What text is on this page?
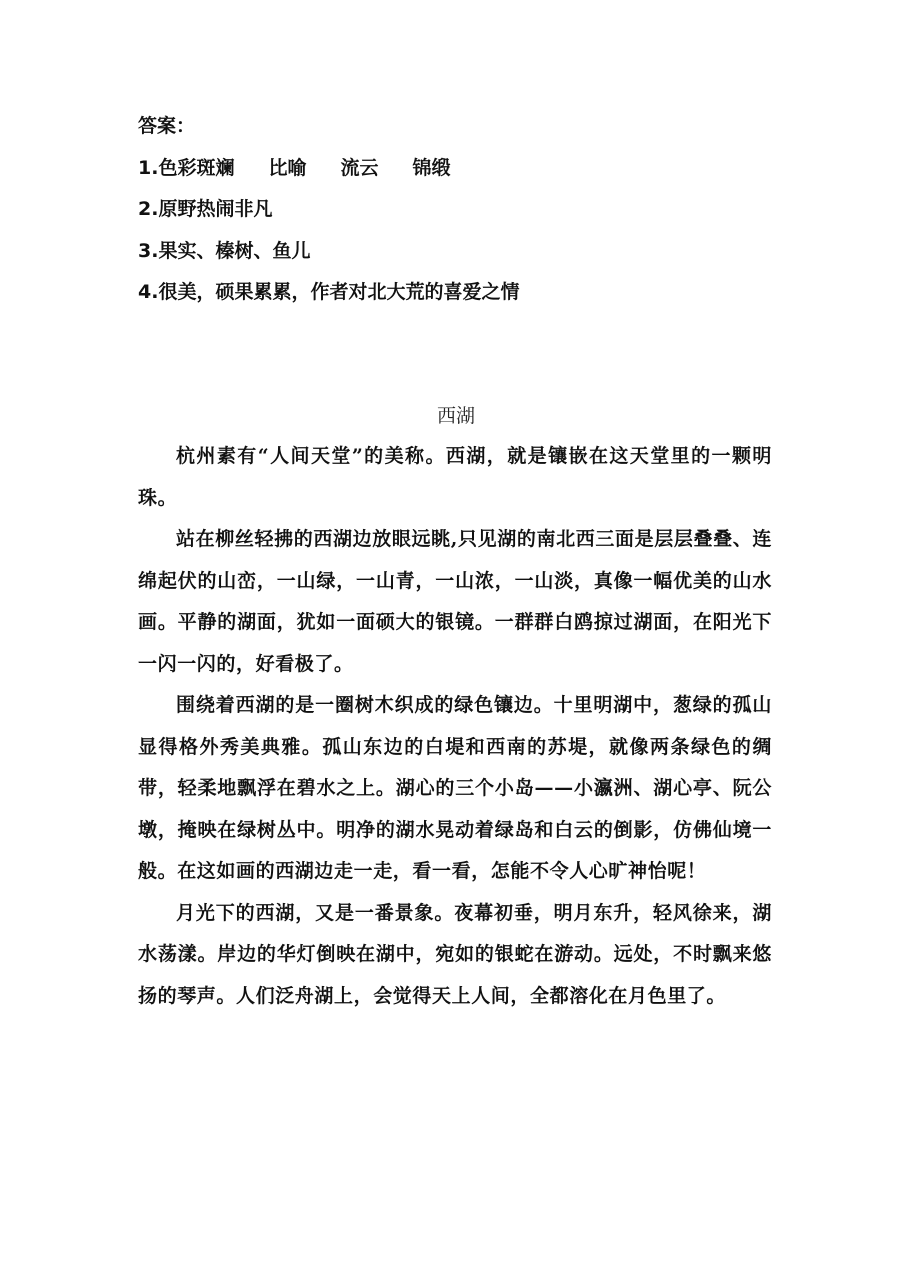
答案：
1.色彩斑斓 比喻 流云 锦缎
2.原野热闹非凡
3.果实、榛树、鱼儿
4.很美，硕果累累，作者对北大荒的喜爱之情
西湖

杭州素有“人间天堂”的美称。西湖，就是镶嵌在这天堂里的一颗明珠。

站在柳丝轻拂的西湖边放眼远眺,只见湖的南北西三面是层层叠叠、连绵起伏的山峦，一山绿，一山青，一山浓，一山淡，真像一幅优美的山水画。平静的湖面，犹如一面硕大的银镜。一群群白鸥掠过湖面，在阳光下一闪一闪的，好看极了。

围绕着西湖的是一圈树木织成的绿色镶边。十里明湖中，葱绿的孤山显得格外秀美典雅。孤山东边的白堤和西南的苏堤，就像两条绿色的绸带，轻柔地飘浮在碧水之上。湖心的三个小岛——小瀛洲、湖心亭、阮公墩，掩映在绿树丛中。明净的湖水晃动着绿岛和白云的倒影，仿佛仙境一般。在这如画的西湖边走一走，看一看，怎能不令人心旷神怡呢！

月光下的西湖，又是一番景象。夜幕初垂，明月东升，轻风徐来，湖水荡漾。岸边的华灯倒映在湖中，宛如的银蛇在游动。远处，不时飘来悠扬的琴声。人们泛舟湖上，会觉得天上人间，全都溶化在月色里了。
